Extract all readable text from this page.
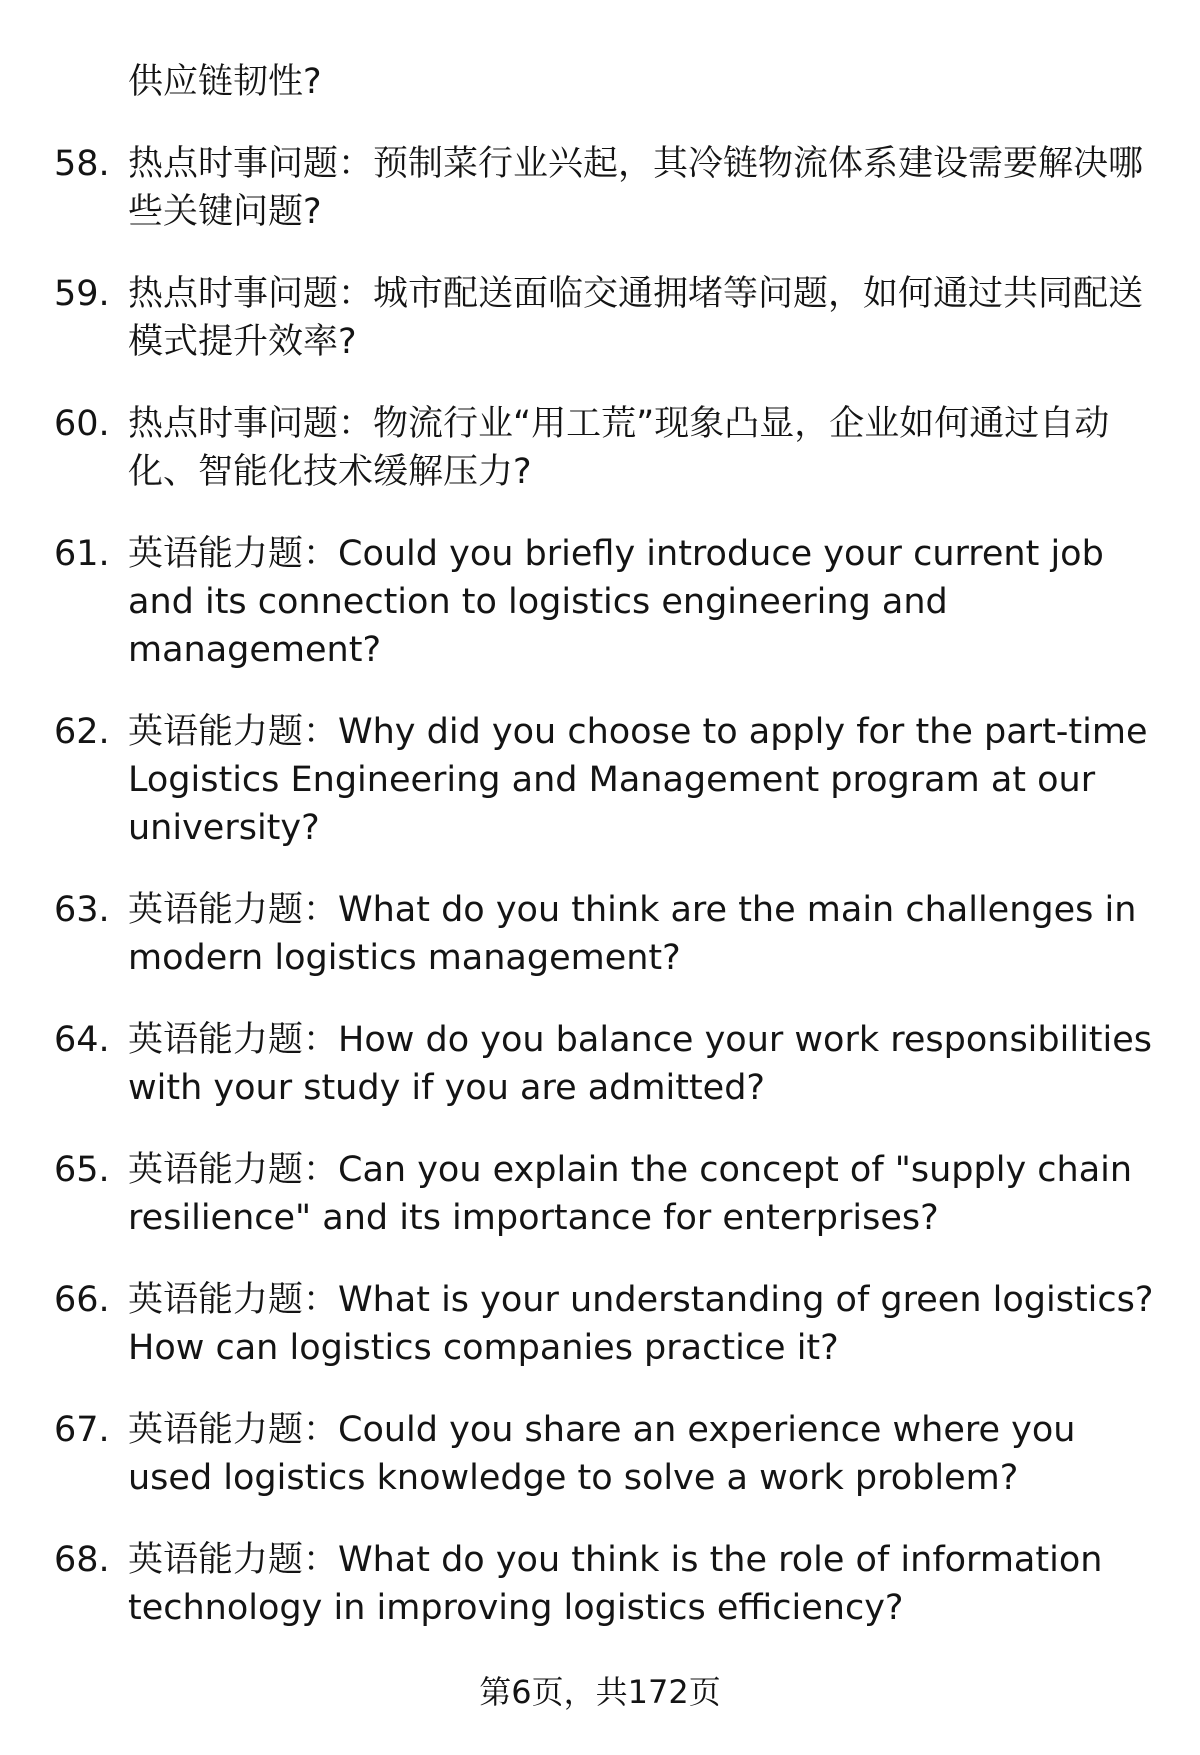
供应链韧性?
58. 热点时事问题：预制菜行业兴起，其冷链物流体系建设需要解决哪些关键问题?
59. 热点时事问题：城市配送面临交通拥堵等问题，如何通过共同配送模式提升效率?
60. 热点时事问题：物流行业“用工荒”现象凸显，企业如何通过自动化、智能化技术缓解压力?
61. 英语能力题：Could you briefly introduce your current job and its connection to logistics engineering and management?
62. 英语能力题：Why did you choose to apply for the part-time Logistics Engineering and Management program at our university?
63. 英语能力题：What do you think are the main challenges in modern logistics management?
64. 英语能力题：How do you balance your work responsibilities with your study if you are admitted?
65. 英语能力题：Can you explain the concept of "supply chain resilience" and its importance for enterprises?
66. 英语能力题：What is your understanding of green logistics? How can logistics companies practice it?
67. 英语能力题：Could you share an experience where you used logistics knowledge to solve a work problem?
68. 英语能力题：What do you think is the role of information technology in improving logistics efficiency?
第6页，共172页
